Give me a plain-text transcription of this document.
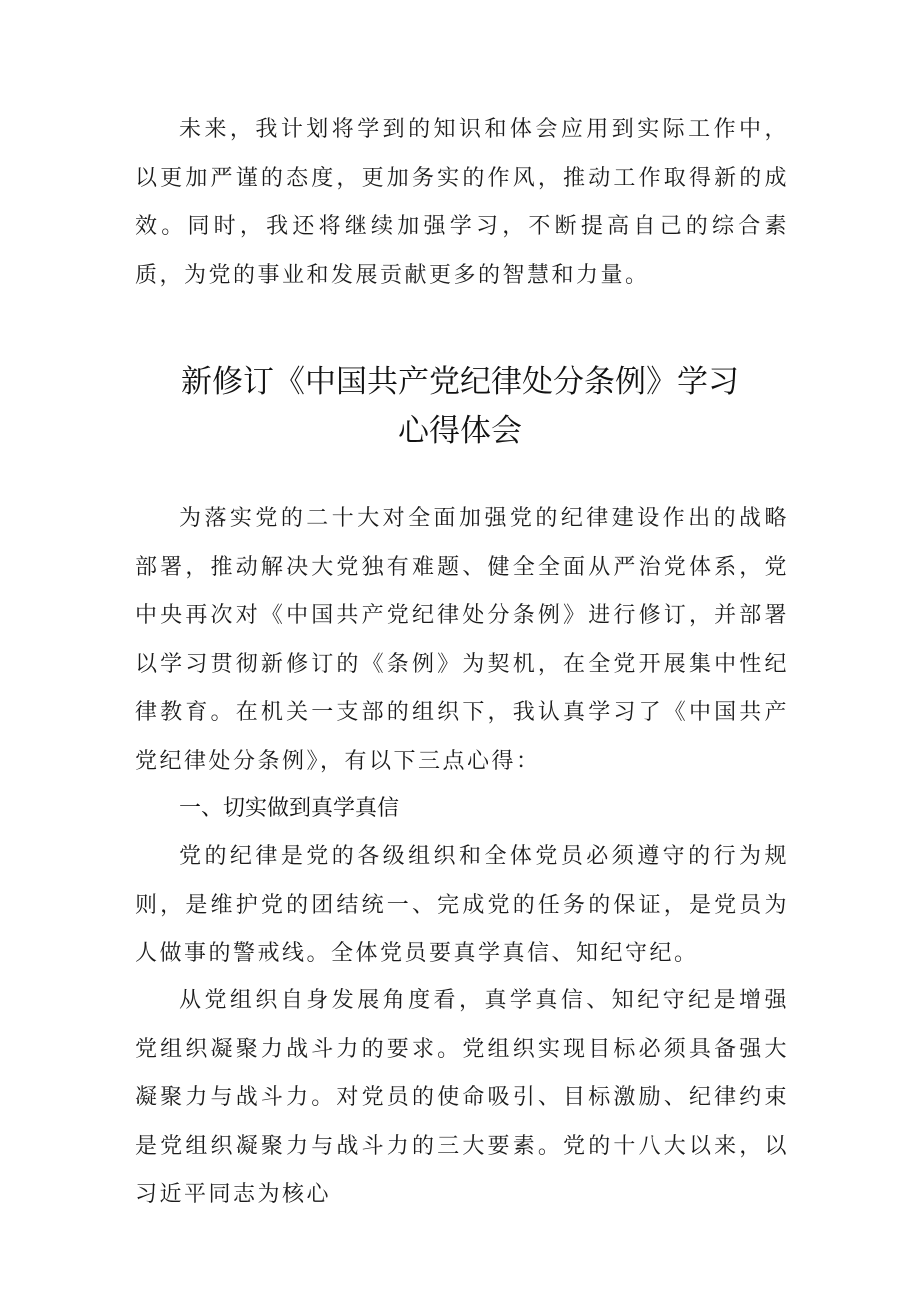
未来，我计划将学到的知识和体会应用到实际工作中，以更加严谨的态度，更加务实的作风，推动工作取得新的成效。同时，我还将继续加强学习，不断提高自己的综合素质，为党的事业和发展贡献更多的智慧和力量。

新修订《中国共产党纪律处分条例》学习
心得体会

为落实党的二十大对全面加强党的纪律建设作出的战略部署，推动解决大党独有难题、健全全面从严治党体系，党中央再次对《中国共产党纪律处分条例》进行修订，并部署以学习贯彻新修订的《条例》为契机，在全党开展集中性纪律教育。在机关一支部的组织下，我认真学习了《中国共产党纪律处分条例》，有以下三点心得：

一、切实做到真学真信

党的纪律是党的各级组织和全体党员必须遵守的行为规则，是维护党的团结统一、完成党的任务的保证，是党员为人做事的警戒线。全体党员要真学真信、知纪守纪。

从党组织自身发展角度看，真学真信、知纪守纪是增强党组织凝聚力战斗力的要求。党组织实现目标必须具备强大凝聚力与战斗力。对党员的使命吸引、目标激励、纪律约束是党组织凝聚力与战斗力的三大要素。党的十八大以来，以习近平同志为核心
